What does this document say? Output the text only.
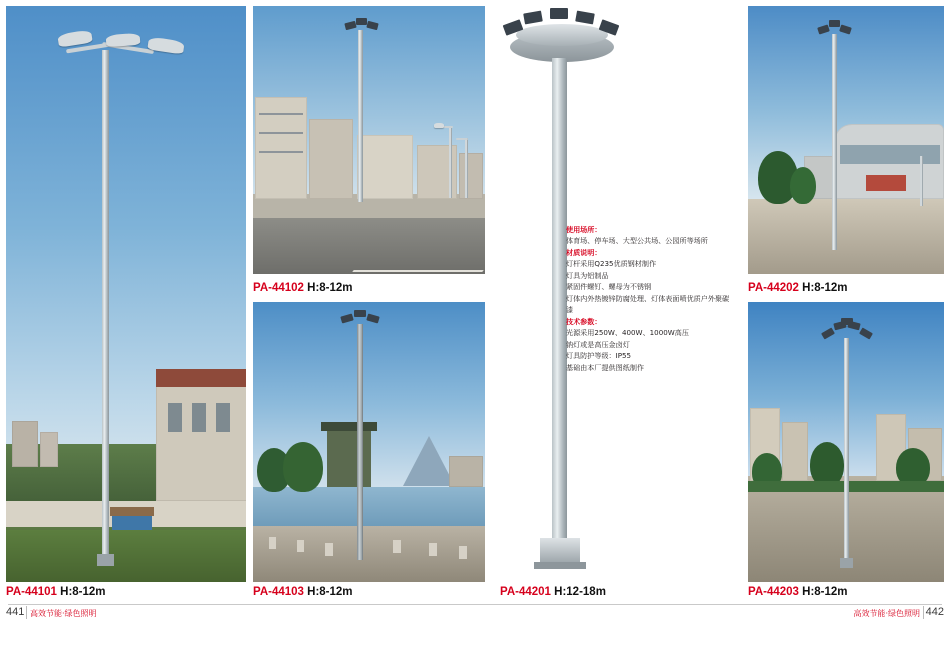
PA-44101 H:8-12m
PA-44102 H:8-12m
PA-44103 H:8-12m	PA-44201 H:12-18m
使用场所：
体育场、停车场、大型公共场、公园所等场所
材质说明：
灯杆采用Q235优质钢材制作
灯具为铝制品
紧固件螺钉、螺母为不锈钢
灯体内外热镀锌防腐处理、灯体表面喷优质户外聚碳漆
技术参数：
光源采用250W、400W、1000W高压
钠灯或是高压金卤灯
灯具防护等级：IP55
基础由本厂提供图纸制作
PA-44202 H:8-12m
PA-44203 H:8-12m
441 高效节能·绿色照明	442
高效节能·绿色照明
